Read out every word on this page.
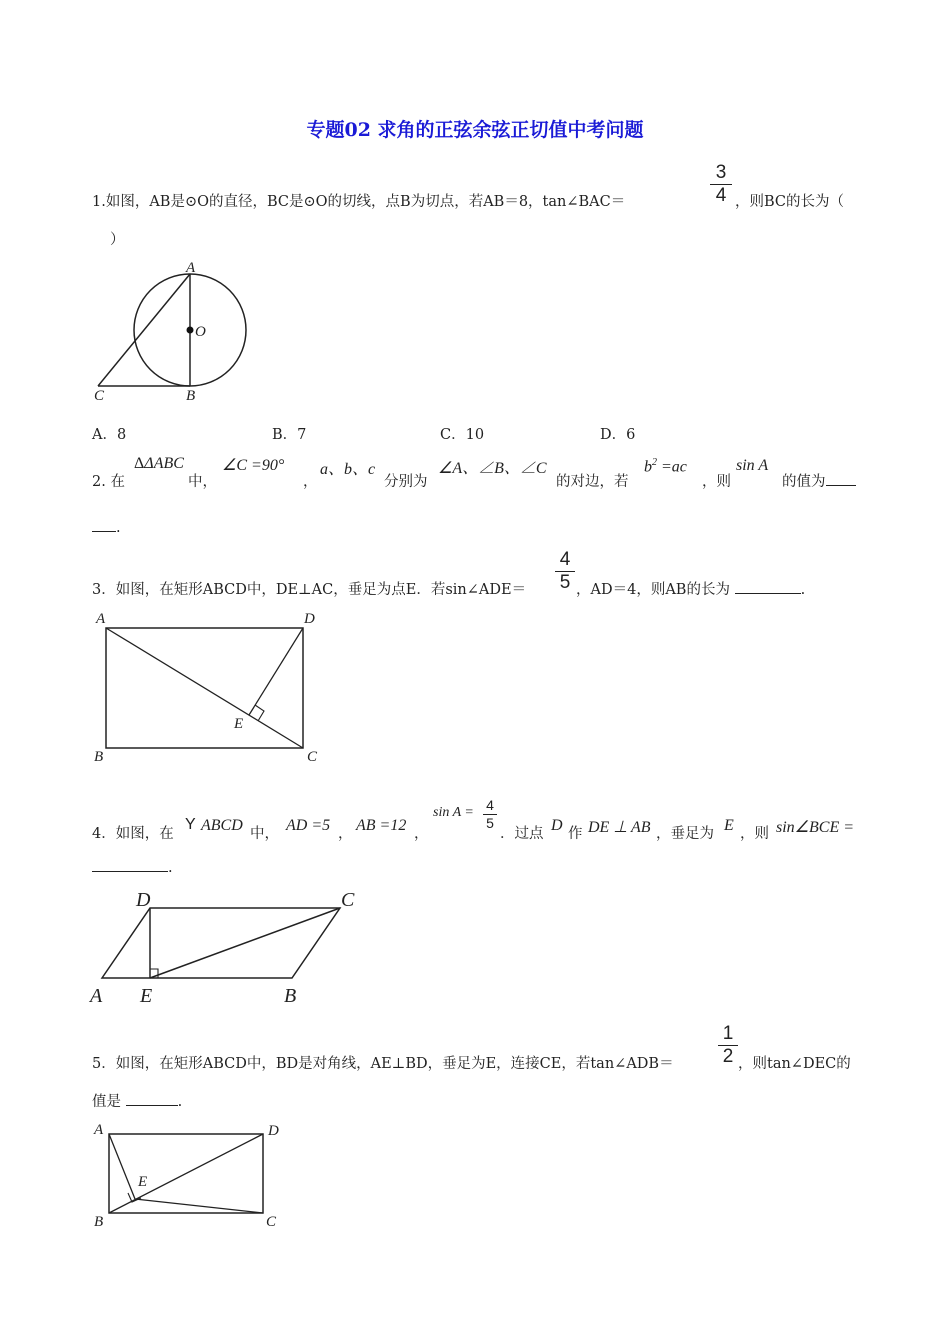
专题02 求角的正弦余弦正切值中考问题
1.如图，AB是⊙O的直径，BC是⊙O的切线，点B为切点，若AB＝8，tan∠BAC＝
3
4 ，则BC的长为（
）
A
O
B
C
A．8	B．7	C．10	D．6
2. 在
ΔΔABC
中，
∠C =90°
，
a、b、c
分别为
∠A、∠B、∠C
的对边，若
$b^2 =ac$
，则
sin A
的值为
.
3．如图，在矩形ABCD中，DE⊥AC，垂足为点E．若sin∠ADE＝
4
5 ，AD＝4，则AB的长为	.
A	D
B	C
E
4．如图，在
Y ABCD 中， AD =5 ， AB =12 ，
sin A = 4
5
．过点 D 作 DE ⊥ AB ，垂足为 E ，则 sin∠BCE =
.
A E	B
D	C
5．如图，在矩形ABCD中，BD是对角线，AE⊥BD，垂足为E，连接CE，若tan∠ADB＝
1
2 ，则tan∠DEC的
值是	.
A	D
B	C
E
